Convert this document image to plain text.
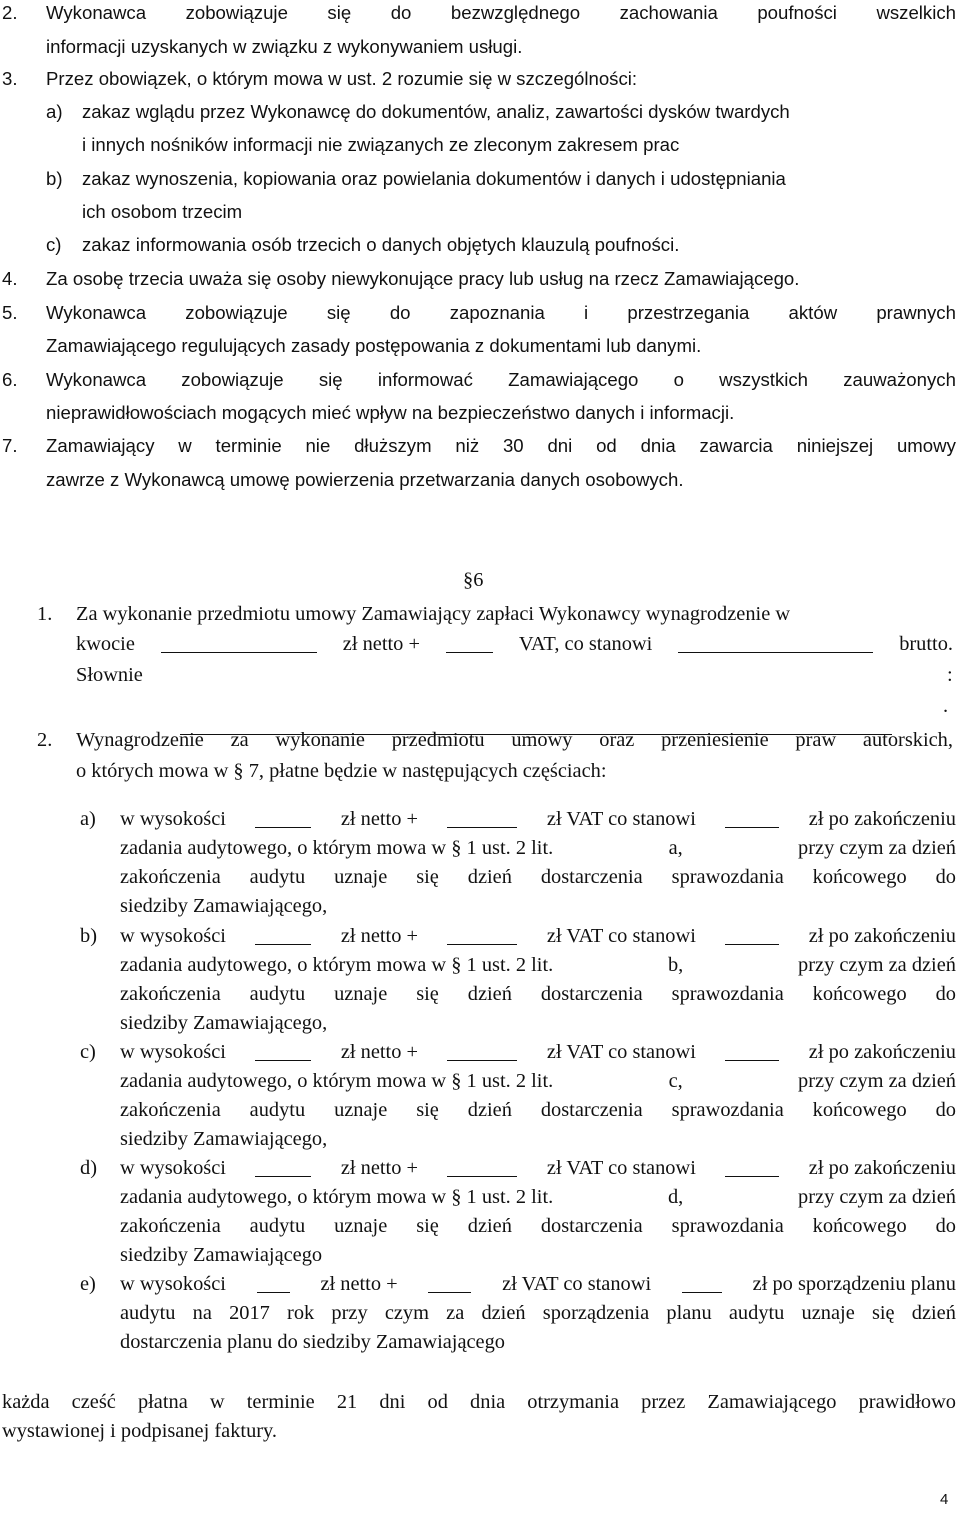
2. Wykonawca zobowiązuje się do bezwzględnego zachowania poufności wszelkich
informacji uzyskanych w związku z wykonywaniem usługi.
3. Przez obowiązek, o którym mowa w ust. 2 rozumie się w szczególności:
a) zakaz wglądu przez Wykonawcę do dokumentów, analiz, zawartości dysków twardych
i innych nośników informacji nie związanych ze zleconym zakresem prac
b) zakaz wynoszenia, kopiowania oraz powielania dokumentów i danych i udostępniania
ich osobom trzecim
c) zakaz informowania osób trzecich o danych objętych klauzulą poufności.
4. Za osobę trzecia uważa się osoby niewykonujące pracy lub usług na rzecz Zamawiającego.
5. Wykonawca zobowiązuje się do zapoznania i przestrzegania aktów prawnych
Zamawiającego regulujących zasady postępowania z dokumentami lub danymi.
6. Wykonawca zobowiązuje się informować Zamawiającego o wszystkich zauważonych
nieprawidłowościach mogących mieć wpływ na bezpieczeństwo danych i informacji.
7. Zamawiający w terminie nie dłuższym niż 30 dni od dnia zawarcia niniejszej umowy
zawrze z Wykonawcą umowę powierzenia przetwarzania danych osobowych.
§6
1. Za wykonanie przedmiotu umowy Zamawiający zapłaci Wykonawcy wynagrodzenie w
kwocie	zł netto +	VAT, co stanowi	brutto.
Słownie	:

.
2. Wynagrodzenie za wykonanie przedmiotu umowy oraz przeniesienie praw autorskich,
o których mowa w § 7, płatne będzie w następujących częściach:
a) w wysokości	zł netto +	zł VAT co stanowi	zł po zakończeniu
zadania audytowego, o którym mowa w § 1 ust. 2 lit.	a,	przy czym za dzień
zakończenia audytu uznaje się dzień dostarczenia sprawozdania końcowego do
siedziby Zamawiającego,
b) w wysokości	zł netto +	zł VAT co stanowi	zł po zakończeniu
zadania audytowego, o którym mowa w § 1 ust. 2 lit.	b,	przy czym za dzień
zakończenia audytu uznaje się dzień dostarczenia sprawozdania końcowego do
siedziby Zamawiającego,
c) w wysokości	zł netto +	zł VAT co stanowi	zł po zakończeniu
zadania audytowego, o którym mowa w § 1 ust. 2 lit.	c,	przy czym za dzień
zakończenia audytu uznaje się dzień dostarczenia sprawozdania końcowego do
siedziby Zamawiającego,
d) w wysokości	zł netto +	zł VAT co stanowi	zł po zakończeniu
zadania audytowego, o którym mowa w § 1 ust. 2 lit.	d,	przy czym za dzień
zakończenia audytu uznaje się dzień dostarczenia sprawozdania końcowego do
siedziby Zamawiającego
e) w wysokości	zł netto +	zł VAT co stanowi	zł po sporządzeniu planu
audytu na 2017 rok przy czym za dzień sporządzenia planu audytu uznaje się dzień
dostarczenia planu do siedziby Zamawiającego
każda cześć płatna w terminie 21 dni od dnia otrzymania przez Zamawiającego prawidłowo
wystawionej i podpisanej faktury.
4
